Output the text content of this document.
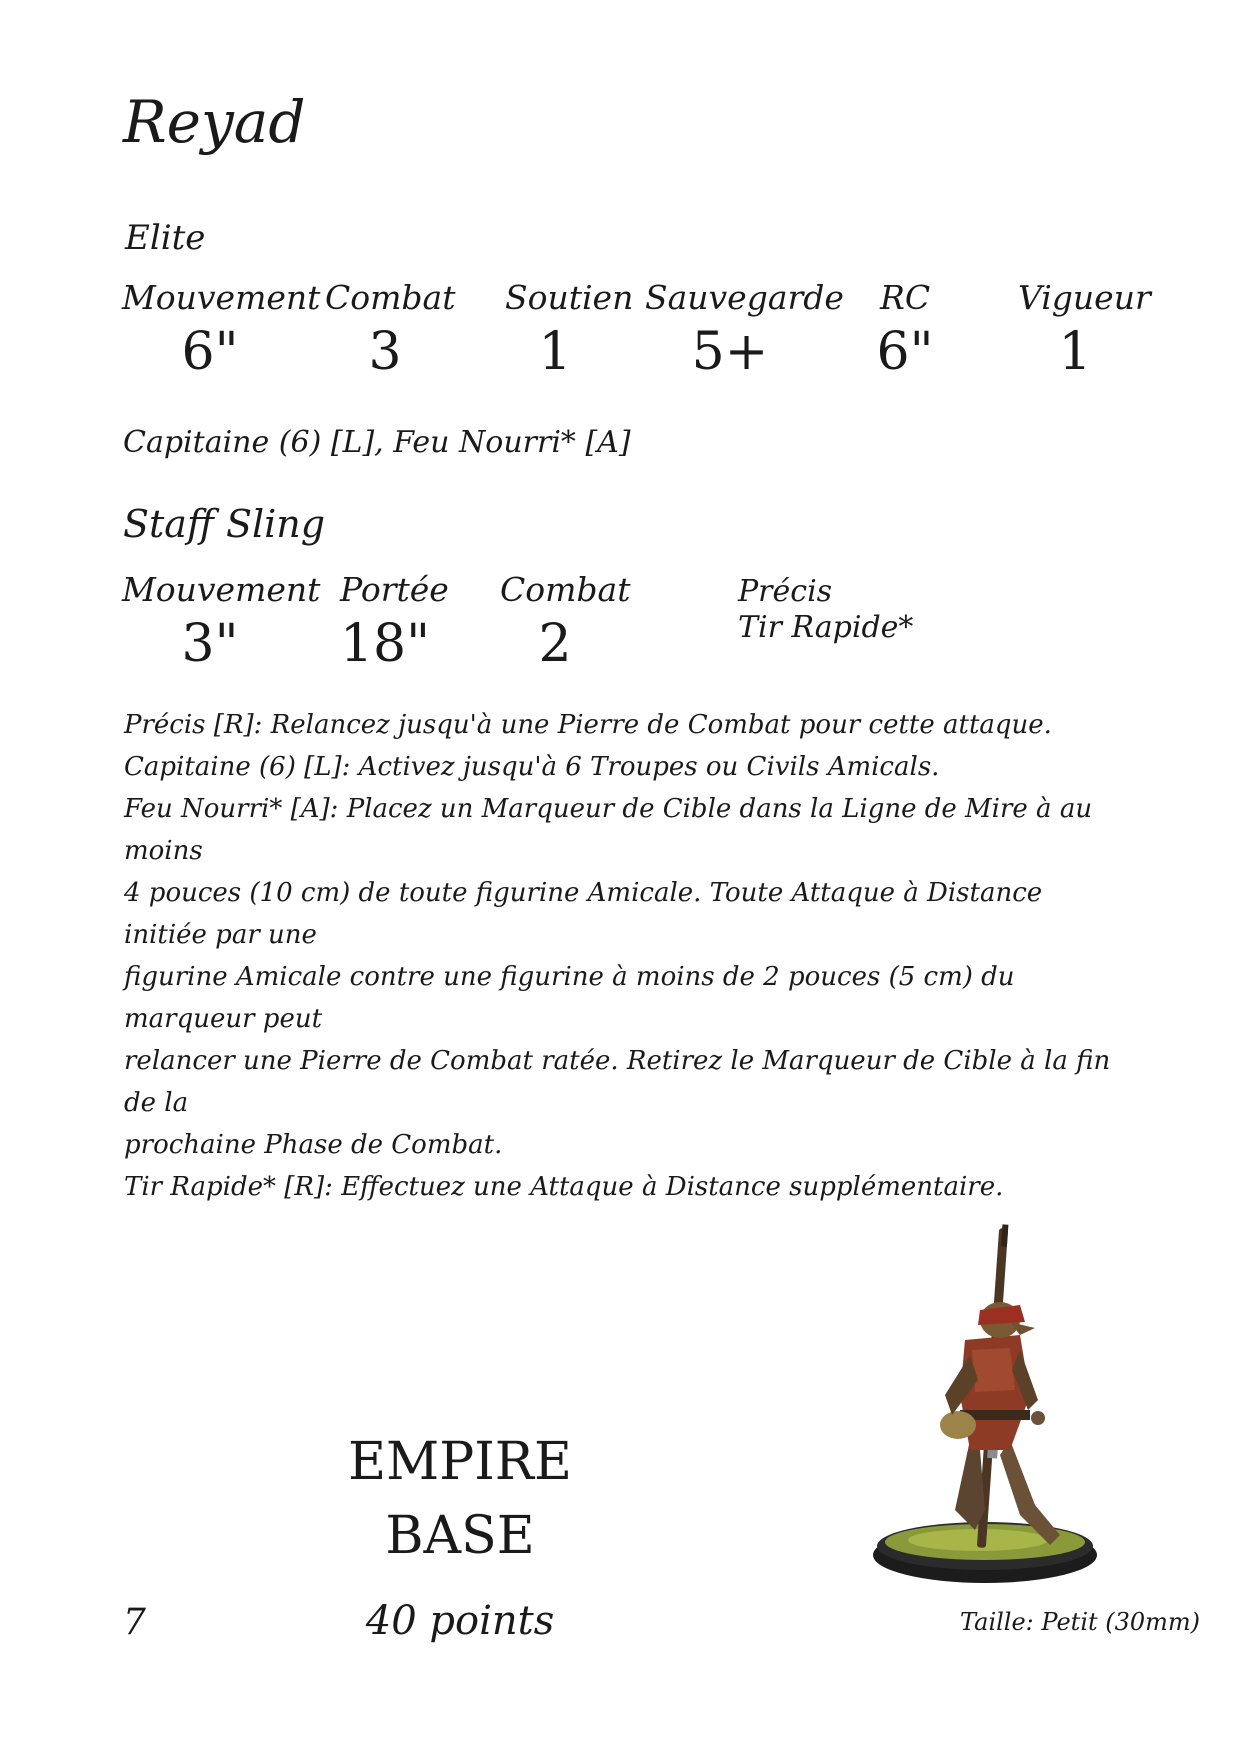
Reyad
Elite
Mouvement Combat Soutien Sauvegarde RC	Vigueur
6"	3	1	5+	6"	1
Capitaine (6) [L], Feu Nourri* [A]
Staff Sling
Mouvement Portée Combat
3"	18"	2
Précis
Tir Rapide*

Précis [R]: Relancez jusqu'à une Pierre de Combat pour cette attaque.

Capitaine (6) [L]: Activez jusqu'à 6 Troupes ou Civils Amicals.

Feu Nourri* [A]: Placez un Marqueur de Cible dans la Ligne de Mire à au moins

4 pouces (10 cm) de toute figurine Amicale. Toute Attaque à Distance initiée par une

figurine Amicale contre une figurine à moins de 2 pouces (5 cm) du marqueur peut

relancer une Pierre de Combat ratée. Retirez le Marqueur de Cible à la fin de la

prochaine Phase de Combat.

Tir Rapide* [R]: Effectuez une Attaque à Distance supplémentaire.

EMPIRE
BASE
40 points
7	Taille: Petit (30mm)
